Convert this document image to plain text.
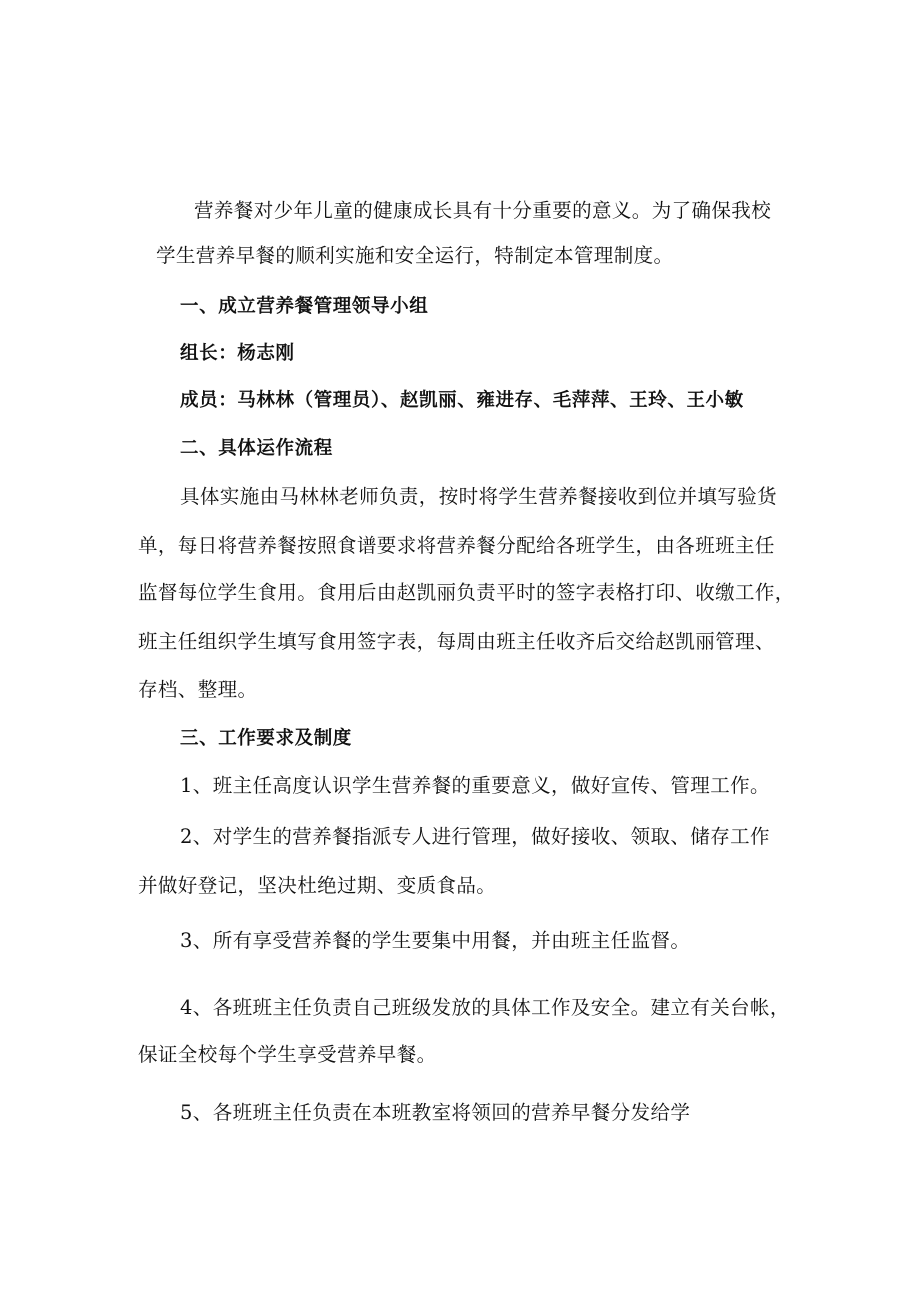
营养餐对少年儿童的健康成长具有十分重要的意义。为了确保我校
学生营养早餐的顺利实施和安全运行，特制定本管理制度。
一、成立营养餐管理领导小组
组长：杨志刚
成员：马林林（管理员）、赵凯丽、雍进存、毛萍萍、王玲、王小敏
二、具体运作流程
具体实施由马林林老师负责，按时将学生营养餐接收到位并填写验货
单，每日将营养餐按照食谱要求将营养餐分配给各班学生，由各班班主任
监督每位学生食用。食用后由赵凯丽负责平时的签字表格打印、收缴工作，
班主任组织学生填写食用签字表，每周由班主任收齐后交给赵凯丽管理、
存档、整理。
三、工作要求及制度
1、班主任高度认识学生营养餐的重要意义，做好宣传、管理工作。
2、对学生的营养餐指派专人进行管理，做好接收、领取、储存工作
并做好登记，坚决杜绝过期、变质食品。
3、所有享受营养餐的学生要集中用餐，并由班主任监督。
4、各班班主任负责自己班级发放的具体工作及安全。建立有关台帐，
保证全校每个学生享受营养早餐。
5、各班班主任负责在本班教室将领回的营养早餐分发给学
